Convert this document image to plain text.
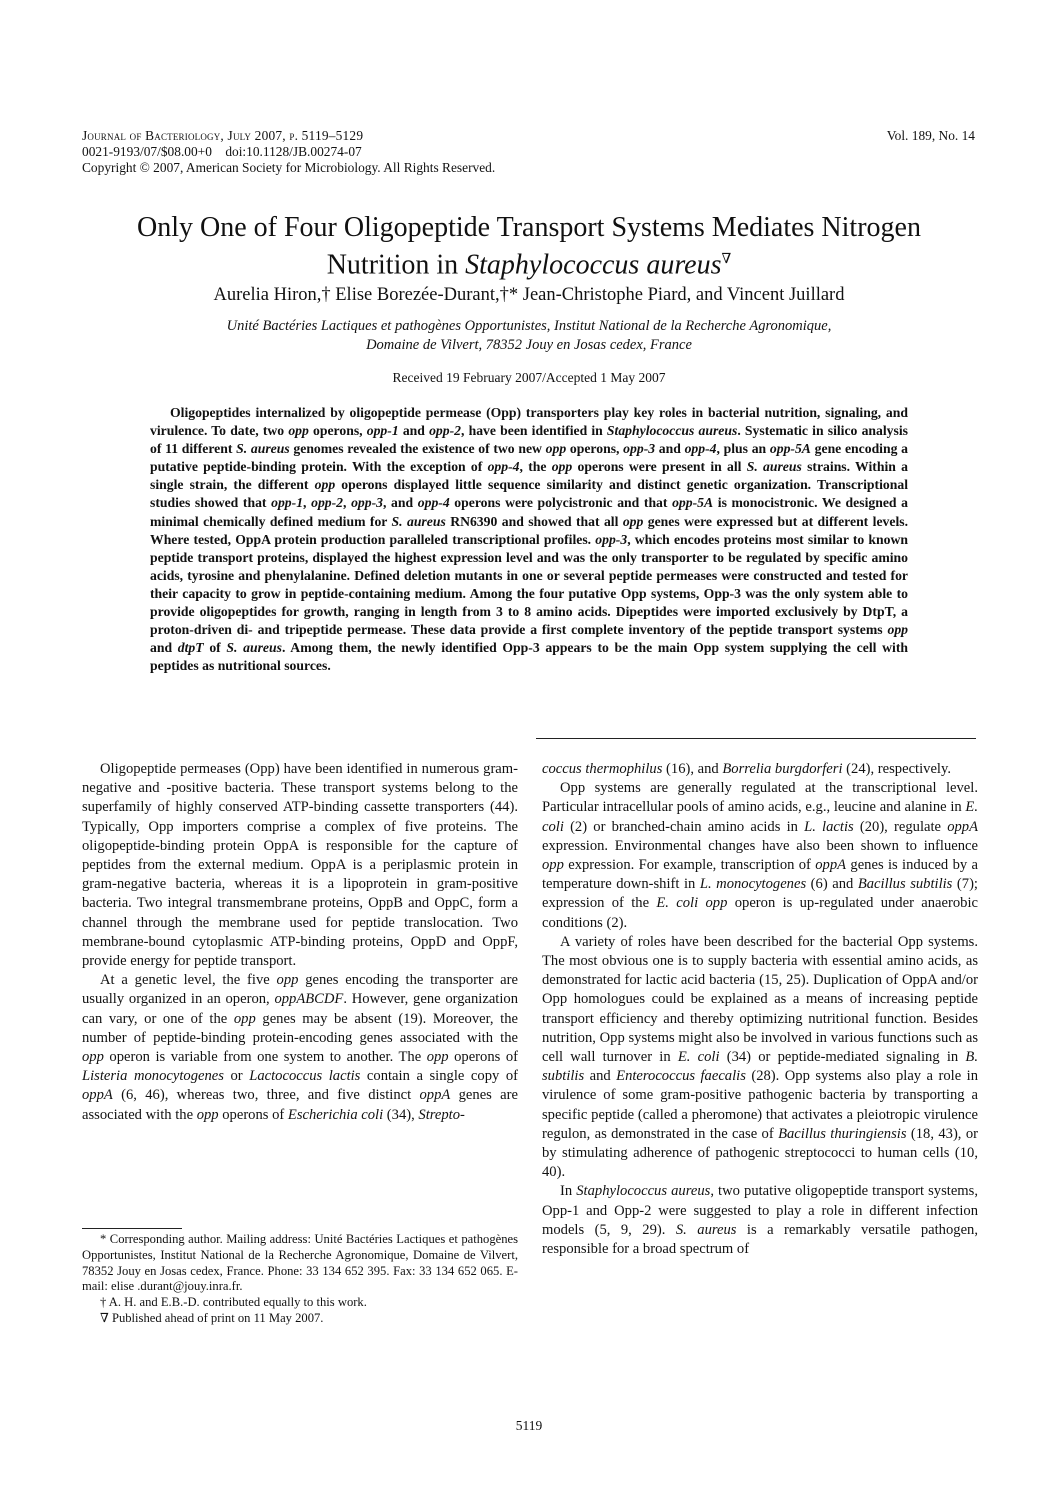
Journal of Bacteriology, July 2007, p. 5119–5129
0021-9193/07/$08.00+0    doi:10.1128/JB.00274-07
Copyright © 2007, American Society for Microbiology. All Rights Reserved.
Vol. 189, No. 14
Only One of Four Oligopeptide Transport Systems Mediates Nitrogen
Nutrition in Staphylococcus aureus∇
Aurelia Hiron,† Elise Borezée-Durant,†* Jean-Christophe Piard, and Vincent Juillard
Unité Bactéries Lactiques et pathogènes Opportunistes, Institut National de la Recherche Agronomique,
Domaine de Vilvert, 78352 Jouy en Josas cedex, France
Received 19 February 2007/Accepted 1 May 2007
Oligopeptides internalized by oligopeptide permease (Opp) transporters play key roles in bacterial nutrition, signaling, and virulence. To date, two opp operons, opp-1 and opp-2, have been identified in Staphylococcus aureus. Systematic in silico analysis of 11 different S. aureus genomes revealed the existence of two new opp operons, opp-3 and opp-4, plus an opp-5A gene encoding a putative peptide-binding protein. With the exception of opp-4, the opp operons were present in all S. aureus strains. Within a single strain, the different opp operons displayed little sequence similarity and distinct genetic organization. Transcriptional studies showed that opp-1, opp-2, opp-3, and opp-4 operons were polycistronic and that opp-5A is monocistronic. We designed a minimal chemically defined medium for S. aureus RN6390 and showed that all opp genes were expressed but at different levels. Where tested, OppA protein production paralleled transcriptional profiles. opp-3, which encodes proteins most similar to known peptide transport proteins, displayed the highest expression level and was the only transporter to be regulated by specific amino acids, tyrosine and phenylalanine. Defined deletion mutants in one or several peptide permeases were constructed and tested for their capacity to grow in peptide-containing medium. Among the four putative Opp systems, Opp-3 was the only system able to provide oligopeptides for growth, ranging in length from 3 to 8 amino acids. Dipeptides were imported exclusively by DtpT, a proton-driven di- and tripeptide permease. These data provide a first complete inventory of the peptide transport systems opp and dtpT of S. aureus. Among them, the newly identified Opp-3 appears to be the main Opp system supplying the cell with peptides as nutritional sources.

Oligopeptide permeases (Opp) have been identified in numerous gram-negative and -positive bacteria. These transport systems belong to the superfamily of highly conserved ATP-binding cassette transporters (44). Typically, Opp importers comprise a complex of five proteins. The oligopeptide-binding protein OppA is responsible for the capture of peptides from the external medium. OppA is a periplasmic protein in gram-negative bacteria, whereas it is a lipoprotein in gram-positive bacteria. Two integral transmembrane proteins, OppB and OppC, form a channel through the membrane used for peptide translocation. Two membrane-bound cytoplasmic ATP-binding proteins, OppD and OppF, provide energy for peptide transport.

At a genetic level, the five opp genes encoding the transporter are usually organized in an operon, oppABCDF. However, gene organization can vary, or one of the opp genes may be absent (19). Moreover, the number of peptide-binding protein-encoding genes associated with the opp operon is variable from one system to another. The opp operons of Listeria monocytogenes or Lactococcus lactis contain a single copy of oppA (6, 46), whereas two, three, and five distinct oppA genes are associated with the opp operons of Escherichia coli (34), Strepto-

* Corresponding author. Mailing address: Unité Bactéries Lactiques et pathogènes Opportunistes, Institut National de la Recherche Agronomique, Domaine de Vilvert, 78352 Jouy en Josas cedex, France. Phone: 33 134 652 395. Fax: 33 134 652 065. E-mail: elise .durant@jouy.inra.fr.

† A. H. and E.B.-D. contributed equally to this work.

∇ Published ahead of print on 11 May 2007.

coccus thermophilus (16), and Borrelia burgdorferi (24), respectively.

Opp systems are generally regulated at the transcriptional level. Particular intracellular pools of amino acids, e.g., leucine and alanine in E. coli (2) or branched-chain amino acids in L. lactis (20), regulate oppA expression. Environmental changes have also been shown to influence opp expression. For example, transcription of oppA genes is induced by a temperature down-shift in L. monocytogenes (6) and Bacillus subtilis (7); expression of the E. coli opp operon is up-regulated under anaerobic conditions (2).

A variety of roles have been described for the bacterial Opp systems. The most obvious one is to supply bacteria with essential amino acids, as demonstrated for lactic acid bacteria (15, 25). Duplication of OppA and/or Opp homologues could be explained as a means of increasing peptide transport efficiency and thereby optimizing nutritional function. Besides nutrition, Opp systems might also be involved in various functions such as cell wall turnover in E. coli (34) or peptide-mediated signaling in B. subtilis and Enterococcus faecalis (28). Opp systems also play a role in virulence of some gram-positive pathogenic bacteria by transporting a specific peptide (called a pheromone) that activates a pleiotropic virulence regulon, as demonstrated in the case of Bacillus thuringiensis (18, 43), or by stimulating adherence of pathogenic streptococci to human cells (10, 40).

In Staphylococcus aureus, two putative oligopeptide transport systems, Opp-1 and Opp-2 were suggested to play a role in different infection models (5, 9, 29). S. aureus is a remarkably versatile pathogen, responsible for a broad spectrum of

5119
